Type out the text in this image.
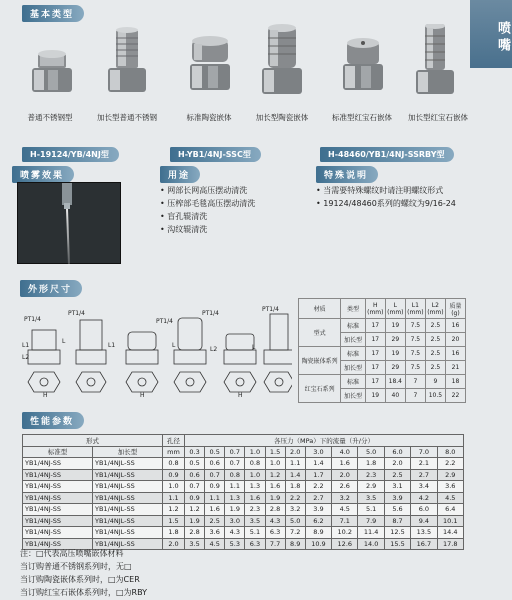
喷嘴
基本类型
普通不锈钢型	加长型普通不锈钢	标准陶瓷嵌体	加长型陶瓷嵌体	标准型红宝石嵌体 加长型红宝石嵌体
H-19124/YB/4NJ型	H-YB1/4NJ-SSC型	H-48460/YB1/4NJ-SSRBY型
喷雾效果	用途
• 网部长网高压摆动清洗
• 压榨部毛毯高压摆动清洗
• 盲孔辊清洗
• 沟纹辊清洗
特殊说明
• 当需要特殊螺纹时请注明螺纹形式
• 19124/48460系列的螺纹为9/16-24
外形尺寸
PT1/4
PT1/4
PT1/4
PT1/4
PT1/4
L1
L2
L
L1	L
L2	L
H	H	H
材质	类型	H (mm)	L (mm)	L1 (mm)	L2 (mm)	质量 (g)
型式	标准	17	19	7.5	2.5	16
	加长型	17	29	7.5	2.5	20
陶瓷嵌体系列	标准	17	19	7.5	2.5	16
	加长型	17	29	7.5	2.5	21
红宝石系列	标准	17	18.4	7	9	18
	加长型	19	40	7	10.5	22
性能参数
形式		孔径	各压力（MPa）下的流量（升/分）											
标准型	加长型	mm	0.3	0.5	0.7	1.0	1.5	2.0	3.0	4.0	5.0	6.0	7.0	8.0
YB1/4NJ-SS	YB1/4NJL-SS	0.8	0.5	0.6	0.7	0.8	1.0	1.1	1.4	1.6	1.8	2.0	2.1	2.2
YB1/4NJ-SS	YB1/4NJL-SS	0.9	0.6	0.7	0.8	1.0	1.2	1.4	1.7	2.0	2.3	2.5	2.7	2.9
YB1/4NJ-SS	YB1/4NJL-SS	1.0	0.7	0.9	1.1	1.3	1.6	1.8	2.2	2.6	2.9	3.1	3.4	3.6
YB1/4NJ-SS	YB1/4NJL-SS	1.1	0.9	1.1	1.3	1.6	1.9	2.2	2.7	3.2	3.5	3.9	4.2	4.5
YB1/4NJ-SS	YB1/4NJL-SS	1.2	1.2	1.6	1.9	2.3	2.8	3.2	3.9	4.5	5.1	5.6	6.0	6.4
YB1/4NJ-SS	YB1/4NJL-SS	1.5	1.9	2.5	3.0	3.5	4.3	5.0	6.2	7.1	7.9	8.7	9.4	10.1
YB1/4NJ-SS	YB1/4NJL-SS	1.8	2.8	3.6	4.3	5.1	6.3	7.2	8.9	10.2	11.4	12.5	13.5	14.4
YB1/4NJ-SS	YB1/4NJL-SS	2.0	3.5	4.5	5.3	6.3	7.7	8.9	10.9	12.6	14.0	15.5	16.7	17.8
注：□代表高压喷嘴嵌体材料
当订购普通不锈钢系列时，无□
当订购陶瓷嵌体系列时，□为CER
当订购红宝石嵌体系列时，□为RBY
